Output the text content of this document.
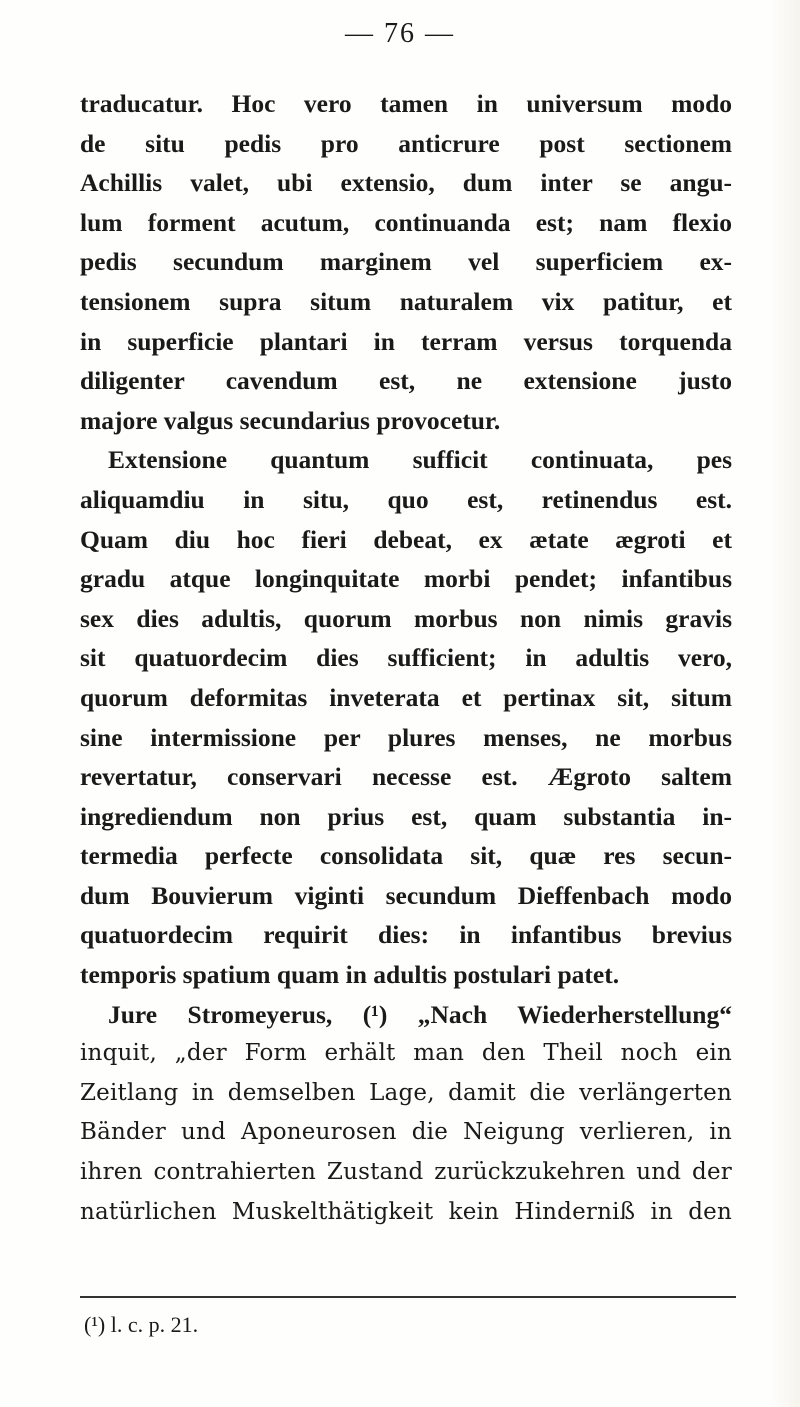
— 76 —
traducatur. Hoc vero tamen in universum modo
de situ pedis pro anticrure post sectionem
Achillis valet, ubi extensio, dum inter se angu-
lum forment acutum, continuanda est; nam flexio
pedis secundum marginem vel superficiem ex-
tensionem supra situm naturalem vix patitur, et
in superficie plantari in terram versus torquenda
diligenter cavendum est, ne extensione justo
majore valgus secundarius provocetur.
Extensione quantum sufficit continuata, pes
aliquamdiu in situ, quo est, retinendus est.
Quam diu hoc fieri debeat, ex ætate ægroti et
gradu atque longinquitate morbi pendet; infantibus
sex dies adultis, quorum morbus non nimis gravis
sit quatuordecim dies sufficient; in adultis vero,
quorum deformitas inveterata et pertinax sit, situm
sine intermissione per plures menses, ne morbus
revertatur, conservari necesse est. Ægroto saltem
ingrediendum non prius est, quam substantia in-
termedia perfecte consolidata sit, quæ res secun-
dum Bouvierum viginti secundum Dieffenbach modo
quatuordecim requirit dies: in infantibus brevius
temporis spatium quam in adultis postulari patet.
Jure Stromeyerus, (¹) „Nach Wiederherstellung“
inquit, „der Form erhält man den Theil noch ein
Zeitlang in demselben Lage, damit die verlängerten
Bänder und Aponeurosen die Neigung verlieren, in
ihren contrahierten Zustand zurückzukehren und der
natürlichen Muskelthätigkeit kein Hinderniß in den
(¹) l. c. p. 21.
